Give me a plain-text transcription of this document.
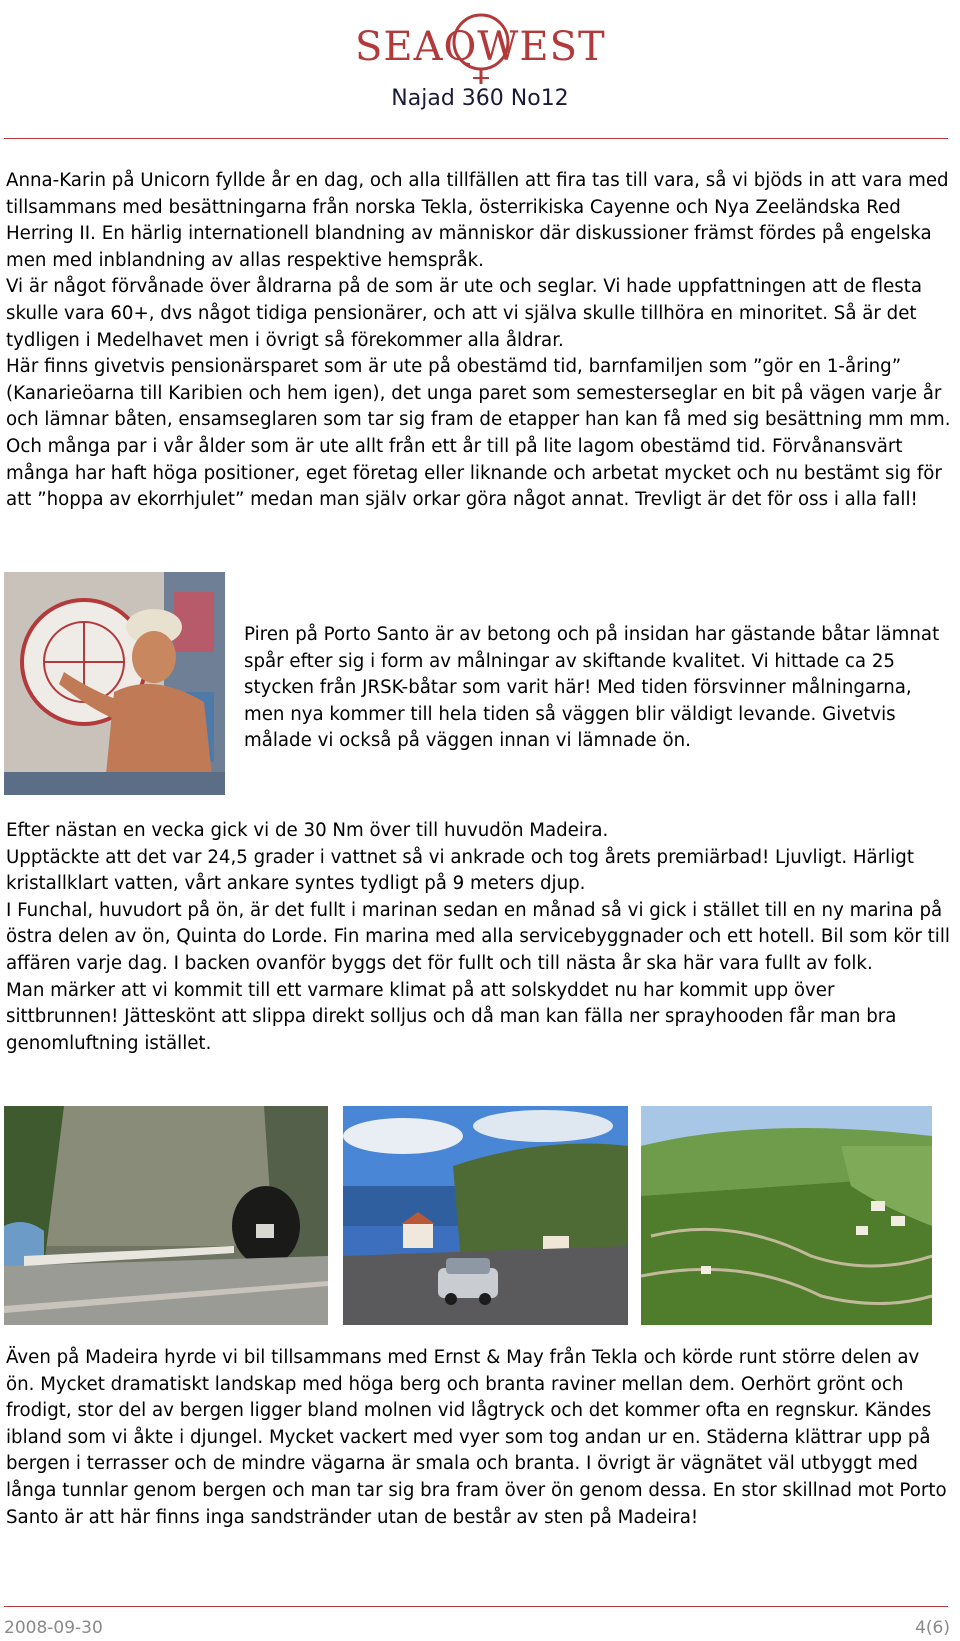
SEAQWEST
Najad 360 No12

Anna-Karin på Unicorn fyllde år en dag, och alla tillfällen att fira tas till vara, så vi bjöds in att vara med tillsammans med besättningarna från norska Tekla, österrikiska Cayenne och Nya Zeeländska Red Herring II. En härlig internationell blandning av människor där diskussioner främst fördes på engelska men med inblandning av allas respektive hemspråk.
Vi är något förvånade över åldrarna på de som är ute och seglar. Vi hade uppfattningen att de flesta skulle vara 60+, dvs något tidiga pensionärer, och att vi själva skulle tillhöra en minoritet. Så är det tydligen i Medelhavet men i övrigt så förekommer alla åldrar.
Här finns givetvis pensionärsparet som är ute på obestämd tid, barnfamiljen som ”gör en 1-åring” (Kanarieöarna till Karibien och hem igen), det unga paret som semesterseglar en bit på vägen varje år och lämnar båten, ensamseglaren som tar sig fram de etapper han kan få med sig besättning mm mm. Och många par i vår ålder som är ute allt från ett år till på lite lagom obestämd tid. Förvånansvärt många har haft höga positioner, eget företag eller liknande och arbetat mycket och nu bestämt sig för att ”hoppa av ekorrhjulet” medan man själv orkar göra något annat. Trevligt är det för oss i alla fall!

Piren på Porto Santo är av betong och på insidan har gästande båtar lämnat spår efter sig i form av målningar av skiftande kvalitet. Vi hittade ca 25 stycken från JRSK-båtar som varit här! Med tiden försvinner målningarna, men nya kommer till hela tiden så väggen blir väldigt levande. Givetvis målade vi också på väggen innan vi lämnade ön.

Efter nästan en vecka gick vi de 30 Nm över till huvudön Madeira.
Upptäckte att det var 24,5 grader i vattnet så vi ankrade och tog årets premiärbad! Ljuvligt. Härligt kristallklart vatten, vårt ankare syntes tydligt på 9 meters djup.
I Funchal, huvudort på ön, är det fullt i marinan sedan en månad så vi gick i stället till en ny marina på östra delen av ön, Quinta do Lorde. Fin marina med alla servicebyggnader och ett hotell. Bil som kör till affären varje dag. I backen ovanför byggs det för fullt och till nästa år ska här vara fullt av folk.
Man märker att vi kommit till ett varmare klimat på att solskyddet nu har kommit upp över sittbrunnen! Jätteskönt att slippa direkt solljus och då man kan fälla ner sprayhooden får man bra genomluftning istället.

Även på Madeira hyrde vi bil tillsammans med Ernst & May från Tekla och körde runt större delen av ön. Mycket dramatiskt landskap med höga berg och branta raviner mellan dem. Oerhört grönt och frodigt, stor del av bergen ligger bland molnen vid lågtryck och det kommer ofta en regnskur. Kändes ibland som vi åkte i djungel. Mycket vackert med vyer som tog andan ur en. Städerna klättrar upp på bergen i terrasser och de mindre vägarna är smala och branta. I övrigt är vägnätet väl utbyggt med långa tunnlar genom bergen och man tar sig bra fram över ön genom dessa. En stor skillnad mot Porto Santo är att här finns inga sandstränder utan de består av sten på Madeira!

2008-09-30	4(6)
